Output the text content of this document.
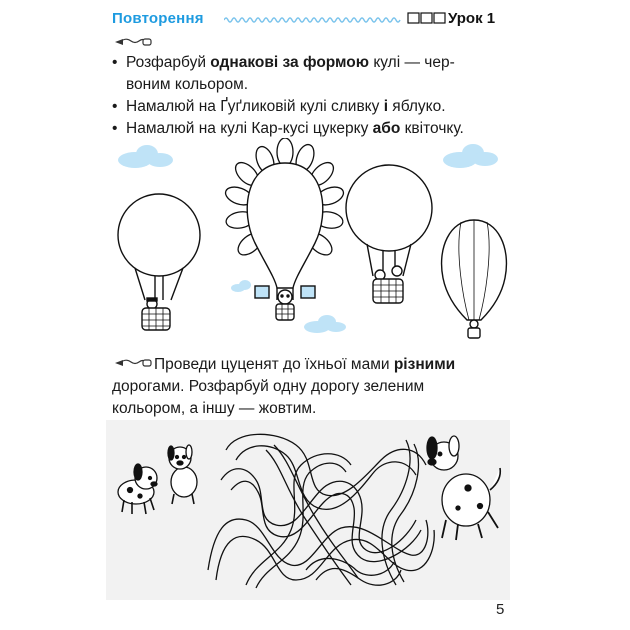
Повторення	Урок 1
• Розфарбуй однакові за формою кулі — чер-
воним кольором.
• Намалюй на Ґуґликовій кулі сливку і яблуко.
• Намалюй на кулі Кар-кусі цукерку або квіточку.
Проведи цуценят до їхньої мами різними
дорогами. Розфарбуй одну дорогу зеленим
кольором, а іншу — жовтим.
5
